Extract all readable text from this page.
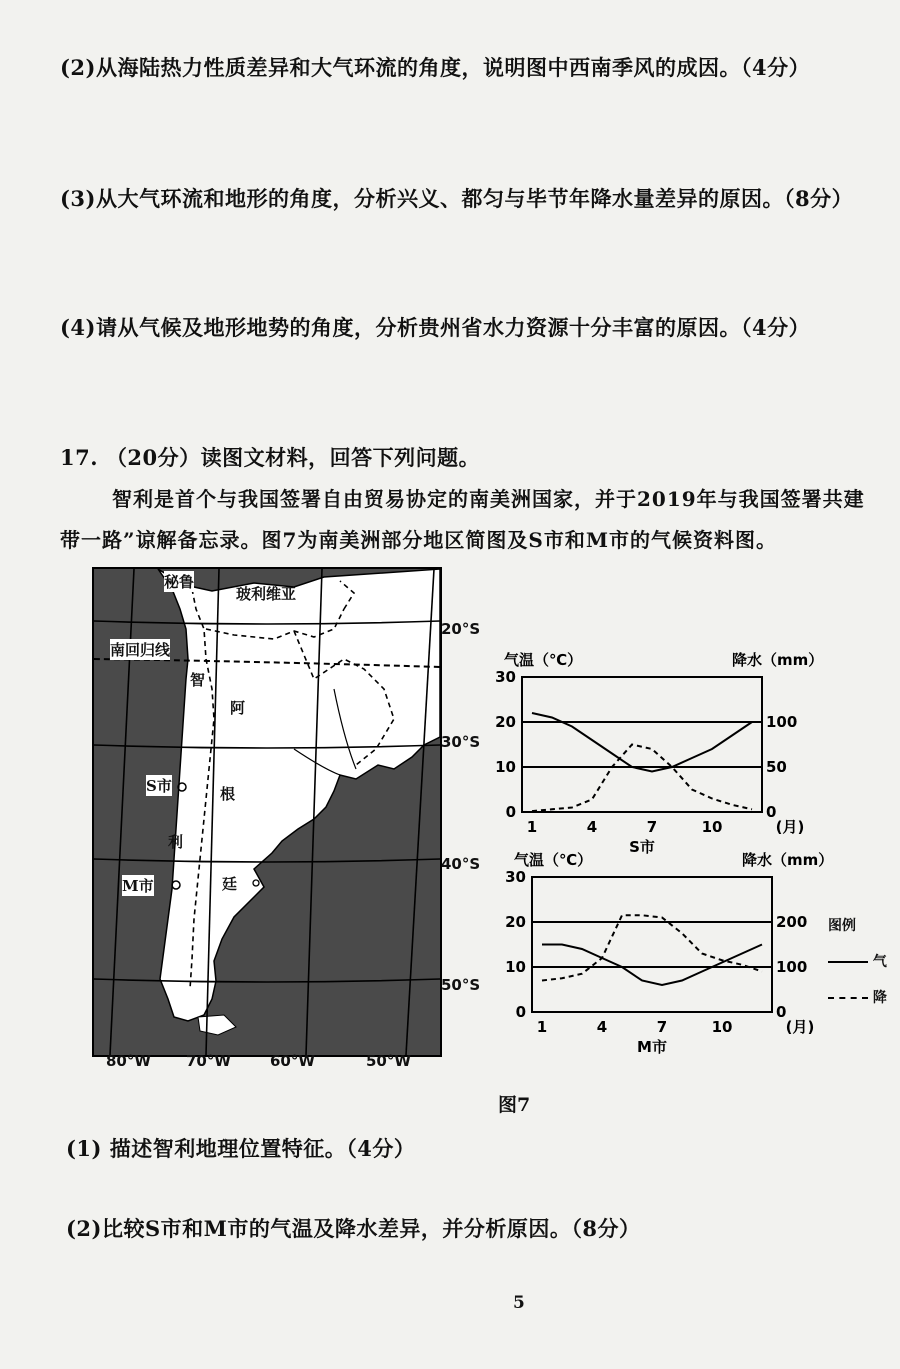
(2)从海陆热力性质差异和大气环流的角度，说明图中西南季风的成因。（4分）
(3)从大气环流和地形的角度，分析兴义、都匀与毕节年降水量差异的原因。（8分）
(4)请从气候及地形地势的角度，分析贵州省水力资源十分丰富的原因。（4分）
17. （20分）读图文材料，回答下列问题。
智利是首个与我国签署自由贸易协定的南美洲国家，并于2019年与我国签署共建
带一路”谅解备忘录。图7为南美洲部分地区简图及S市和M市的气候资料图。
秘鲁
玻利维亚
南回归线
智
阿
S市	根
利
M市	廷
20°S
30°S
40°S
50°S
80°W 70°W	60°W	50°W
气温（℃）	降水（mm）
0
10
20
30
0
50
100
1	4	7	10	(月)
S市
气温（℃）	降水（mm）
0
10
20
30
0
100
200
1	4	7	10	(月)
M市
图例
气
降
图7
(1) 描述智利地理位置特征。（4分）
(2)比较S市和M市的气温及降水差异，并分析原因。（8分）
5
